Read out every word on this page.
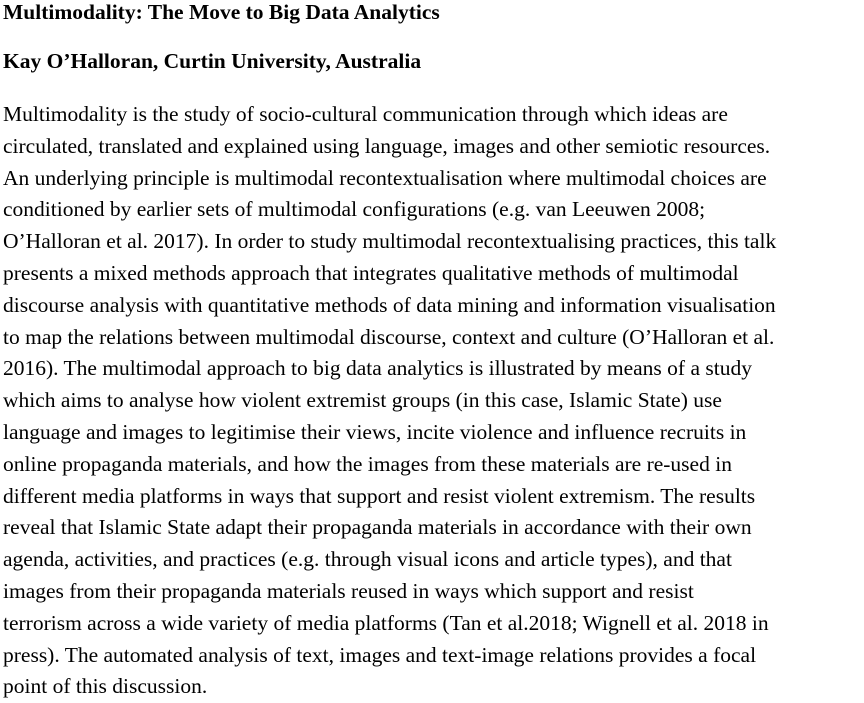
Multimodality: The Move to Big Data Analytics
Kay O’Halloran, Curtin University, Australia
Multimodality is the study of socio-cultural communication through which ideas are
circulated, translated and explained using language, images and other semiotic resources.
An underlying principle is multimodal recontextualisation where multimodal choices are
conditioned by earlier sets of multimodal configurations (e.g. van Leeuwen 2008;
O’Halloran et al. 2017). In order to study multimodal recontextualising practices, this talk
presents a mixed methods approach that integrates qualitative methods of multimodal
discourse analysis with quantitative methods of data mining and information visualisation
to map the relations between multimodal discourse, context and culture (O’Halloran et al.
2016). The multimodal approach to big data analytics is illustrated by means of a study
which aims to analyse how violent extremist groups (in this case, Islamic State) use
language and images to legitimise their views, incite violence and influence recruits in
online propaganda materials, and how the images from these materials are re-used in
different media platforms in ways that support and resist violent extremism. The results
reveal that Islamic State adapt their propaganda materials in accordance with their own
agenda, activities, and practices (e.g. through visual icons and article types), and that
images from their propaganda materials reused in ways which support and resist
terrorism across a wide variety of media platforms (Tan et al.2018; Wignell et al. 2018 in
press). The automated analysis of text, images and text-image relations provides a focal
point of this discussion.
